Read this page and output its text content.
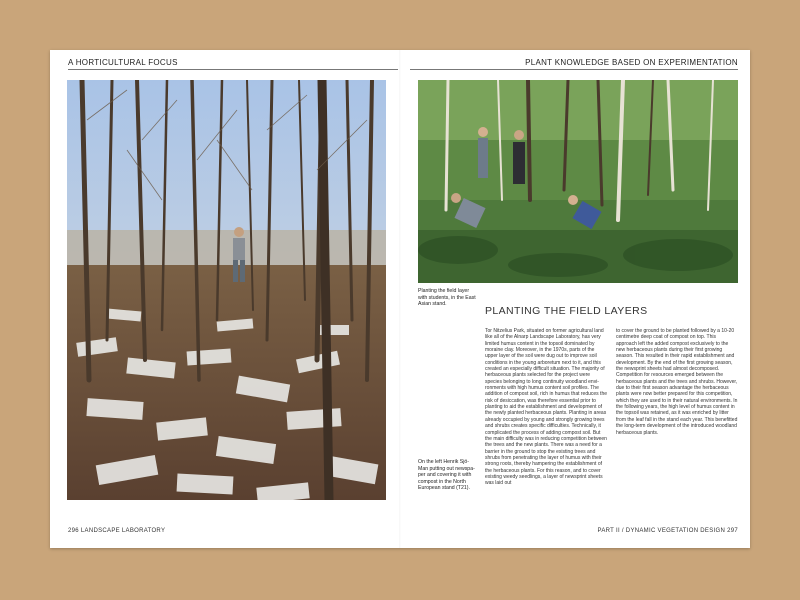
A HORTICULTURAL FOCUS	PLANT KNOWLEDGE BASED ON EXPERIMENTATION
Planting the field layer with students, in the East Asian stand.
On the left Henrik Sjö-Man putting out newspa-per and covering it with compost in the North European stand (T21).
PLANTING THE FIELD LAYERS
Tor Nitzelius Park, situated on former agricultural land like all of the Alnarp Landscape Laboratory, has very limited humus content in the topsoil dominated by moraine clay. Moreover, in the 1970s, parts of the upper layer of the soil were dug out to improve soil conditions in the young arboretum next to it, and this created an especially difficult situation. The majority of herbaceous plants selected for the project were species belonging to long continuity woodland envi-ronments with high humus content soil profiles. The addition of compost soil, rich in humus that reduces the risk of desiccation, was therefore essential prior to planting to aid the establishment and development of the newly planted herbaceous plants. Planting in areas already occupied by young and strongly growing trees and shrubs creates specific difficulties. Technically, it complicated the process of adding compost soil. But the main difficulty was in reducing competition between the trees and the new plants. There was a need for a barrier in the ground to stop the existing trees and shrubs from penetrating the layer of humus with their strong roots, thereby hampering the establishment of the herbaceous plants. For this reason, and to cover existing weedy seedlings, a layer of newsprint sheets was laid out
to cover the ground to be planted followed by a 10-20 centimetre deep coat of compost on top. This approach left the added compost exclusively to the new herbaceous plants during their first growing season. This resulted in their rapid establishment and development. By the end of the first growing season, the newsprint sheets had almost decomposed. Competition for resources emerged between the herbaceous plants and the trees and shrubs. However, due to their first season advantage the herbaceous plants were now better prepared for this competition, which they are used to in their natural environments. In the following years, the high level of humus content in the topsoil was retained, as it was enriched by litter from the leaf fall in the stand each year. This benefitted the long-term development of the introduced woodland herbaceous plants.
296 LANDSCAPE LABORATORY	PART II / DYNAMIC VEGETATION DESIGN 297
